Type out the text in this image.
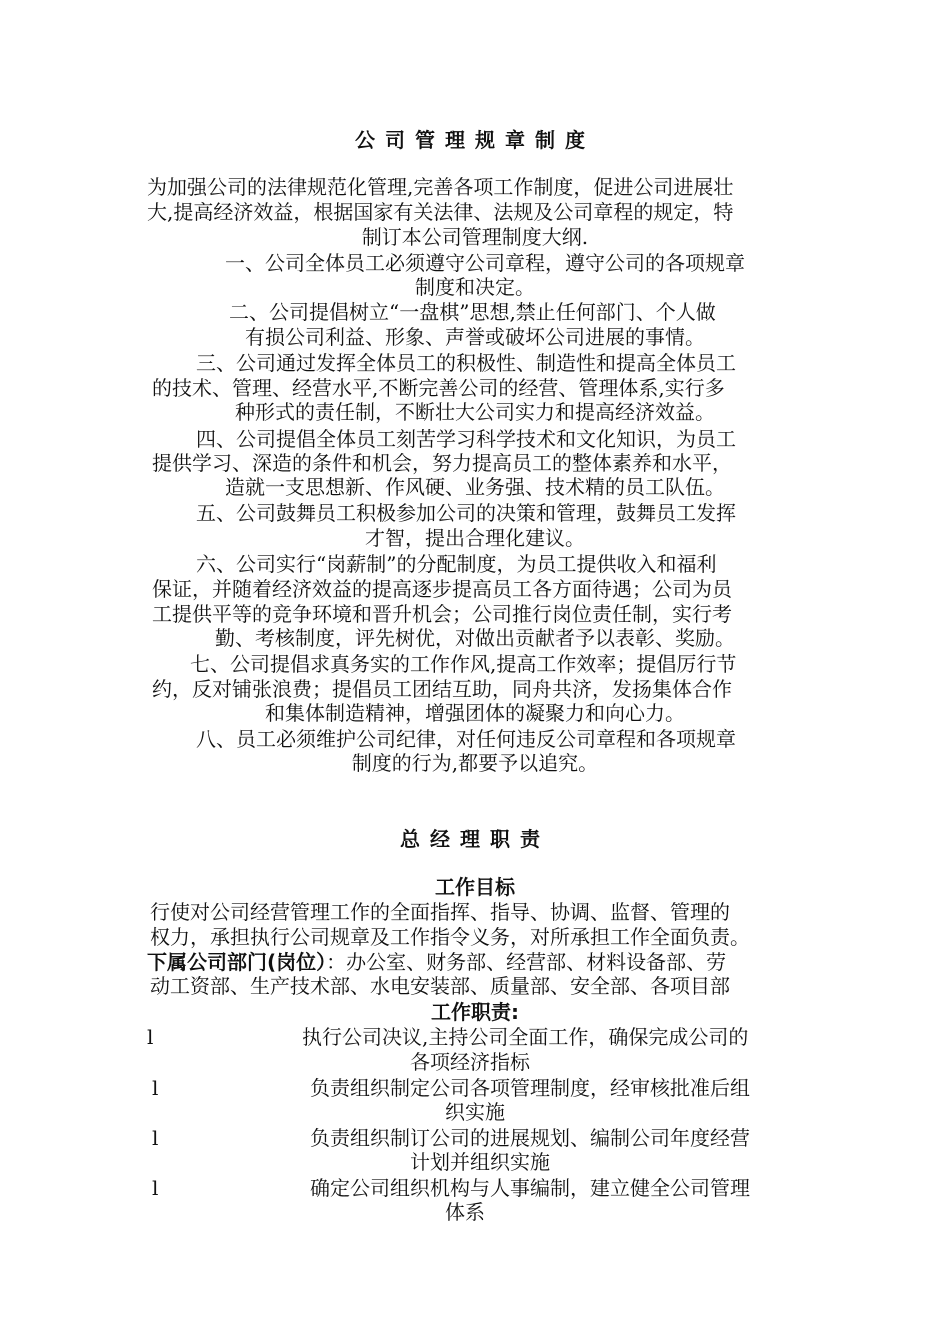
公司管理规章制度
为加强公司的法律规范化管理,完善各项工作制度，促进公司进展壮
大,提高经济效益，根据国家有关法律、法规及公司章程的规定，特
制订本公司管理制度大纲.
一、公司全体员工必须遵守公司章程，遵守公司的各项规章
制度和决定。
二、公司提倡树立“一盘棋”思想,禁止任何部门、个人做
有损公司利益、形象、声誉或破坏公司进展的事情。
三、公司通过发挥全体员工的积极性、制造性和提高全体员工
的技术、管理、经营水平,不断完善公司的经营、管理体系,实行多
种形式的责任制，不断壮大公司实力和提高经济效益。
四、公司提倡全体员工刻苦学习科学技术和文化知识，为员工
提供学习、深造的条件和机会，努力提高员工的整体素养和水平，
造就一支思想新、作风硬、业务强、技术精的员工队伍。
五、公司鼓舞员工积极参加公司的决策和管理，鼓舞员工发挥
才智，提出合理化建议。
六、公司实行“岗薪制”的分配制度，为员工提供收入和福利
保证，并随着经济效益的提高逐步提高员工各方面待遇；公司为员
工提供平等的竞争环境和晋升机会；公司推行岗位责任制，实行考
勤、考核制度，评先树优，对做出贡献者予以表彰、奖励。
七、公司提倡求真务实的工作作风,提高工作效率；提倡厉行节
约，反对铺张浪费；提倡员工团结互助，同舟共济，发扬集体合作
和集体制造精神，增强团体的凝聚力和向心力。
八、员工必须维护公司纪律，对任何违反公司章程和各项规章
制度的行为,都要予以追究。
总经理职责
工作目标
行使对公司经营管理工作的全面指挥、指导、协调、监督、管理的
权力，承担执行公司规章及工作指令义务，对所承担工作全面负责。
下属公司部门(岗位）：办公室、财务部、经营部、材料设备部、劳
动工资部、生产技术部、水电安装部、质量部、安全部、各项目部
工作职责:
l	执行公司决议,主持公司全面工作，确保完成公司的
各项经济指标
l	负责组织制定公司各项管理制度，经审核批准后组
织实施
l	负责组织制订公司的进展规划、编制公司年度经营
计划并组织实施
l	确定公司组织机构与人事编制，建立健全公司管理
体系
